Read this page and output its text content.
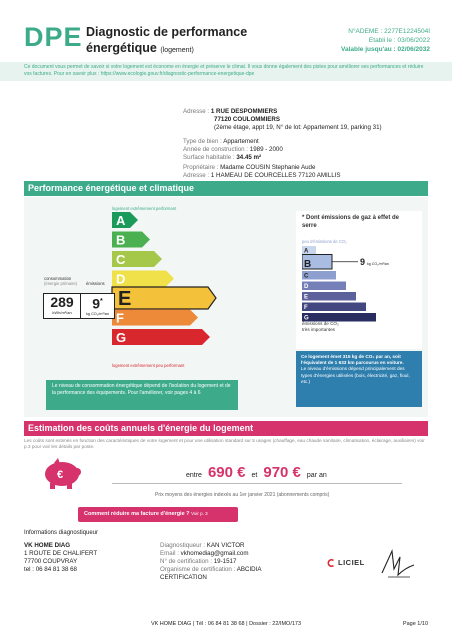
DPE Diagnostic de performance
énergétique (logement)
N°ADEME : 2277E1224504I
Etabli le : 03/06/2022
Valable jusqu'au : 02/06/2032
Ce document vous permet de savoir si votre logement est économe en énergie et préserve le climat. Il vous donne également des pistes pour améliorer ses performances et réduire vos factures. Pour en savoir plus : https://www.ecologie.gouv.fr/diagnostic-performance-energetique-dpe
Adresse : 1 RUE DESPOMMIERS
77120 COULOMMIERS
(2ème étage, appt 19, N° de lot: Appartement 19, parking 31)
Type de bien : Appartement
Année de construction : 1989 - 2000
Surface habitable : 34.45 m²
Performance énergétique et climatique
logement extrêmement performant
logement extrêmement peu performant
A
B
C
D
E
F
G
consommation
(énergie primaire) émissions
289
kWh/m²/an
9*
kg CO₂/m²/an
Le niveau de consommation énergétique dépend de l'isolation du logement et de la performance des équipements. Pour l'améliorer, voir pages 4 à 6
* Dont émissions de gaz à effet de serre
peu d'émissions de CO₂
A
B	9 kg CO₂/m²/an
C
D
E
F
G
émissions de CO₂
très importantes
Ce logement émet 315 kg de CO₂ par an, soit l'équivalent de 1 633 km parcourus en voiture.
Le niveau d'émissions dépend principalement des types d'énergies utilisées (bois, électricité, gaz, fioul, etc.)
Estimation des coûts annuels d'énergie du logement
Les coûts sont estimés en fonction des caractéristiques de votre logement et pour une utilisation standard sur 5 usages (chauffage, eau chaude sanitaire, climatisation, éclairage, auxiliaires) voir p.3 pour voir les détails par poste.
€	entre 690 € et 970 € par an
Prix moyens des énergies indexés au 1er janvier 2021 (abonnements compris)
Comment réduire ma facture d'énergie ? Voir p. 3
Informations diagnostiqueur
VK HOME DIAG
1 ROUTE DE CHALIFERT
77700 COUPVRAY
tel : 06 84 81 38 68
Diagnostiqueur : KAN VICTOR
Email : vkhomediag@gmail.com
N° de certification : 19-1517
Organisme de certification : ABCIDIA
CERTIFICATION
LICIEL
VK HOME DIAG | Tél : 06 84 81 38 68 | Dossier : 22/IMO/173	Page 1/10
Propriétaire : Madame COUSIN Stephanie Aude
Adresse : 1 HAMEAU DE COURCELLES 77120 AMILLIS
